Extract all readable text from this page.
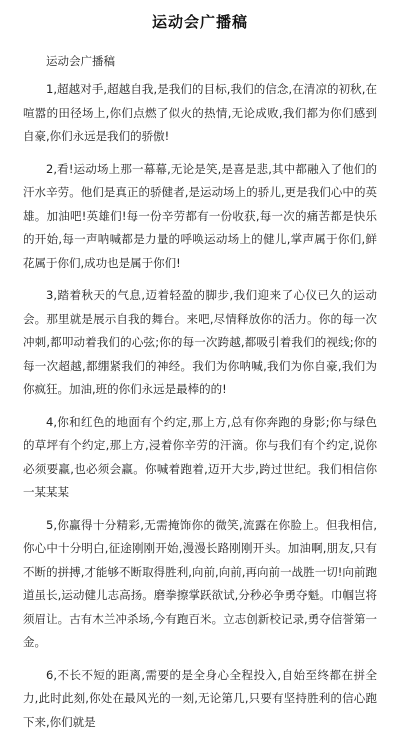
运动会广播稿

运动会广播稿

1,超越对手,超越自我,是我们的目标,我们的信念,在清凉的初秋,在喧嚣的田径场上,你们点燃了似火的热情,无论成败,我们都为你们感到自豪,你们永远是我们的骄傲!

2,看!运动场上那一幕幕,无论是笑,是喜是悲,其中都融入了他们的汗水辛劳。他们是真正的骄健者,是运动场上的骄儿,更是我们心中的英雄。加油吧!英雄们!每一份辛劳都有一份收获,每一次的痛苦都是快乐的开始,每一声呐喊都是力量的呼唤运动场上的健儿,掌声属于你们,鲜花属于你们,成功也是属于你们!

3,踏着秋天的气息,迈着轻盈的脚步,我们迎来了心仪已久的运动会。那里就是展示自我的舞台。来吧,尽情释放你的活力。你的每一次冲刺,都叩动着我们的心弦;你的每一次跨越,都吸引着我们的视线;你的每一次超越,都绷紧我们的神经。我们为你呐喊,我们为你自豪,我们为你疯狂。加油,班的你们永远是最棒的的!

4,你和红色的地面有个约定,那上方,总有你奔跑的身影;你与绿色的草坪有个约定,那上方,浸着你辛劳的汗滴。你与我们有个约定,说你必须要赢,也必须会赢。你喊着跑着,迈开大步,跨过世纪。我们相信你一某某某

5,你赢得十分精彩,无需掩饰你的微笑,流露在你脸上。但我相信,你心中十分明白,征途刚刚开始,漫漫长路刚刚开头。加油啊,朋友,只有不断的拼搏,才能够不断取得胜利,向前,向前,再向前一战胜一切!向前跑道虽长,运动健儿志高扬。磨拳擦掌跃欲试,分秒必争勇夺魁。巾帼岂将须眉让。古有木兰冲杀场,今有跑百米。立志创新校记录,勇夺信誉第一金。

6,不长不短的距离,需要的是全身心全程投入,自始至终都在拼全力,此时此刻,你处在最风光的一刻,无论第几,只要有坚持胜利的信心跑下来,你们就是
